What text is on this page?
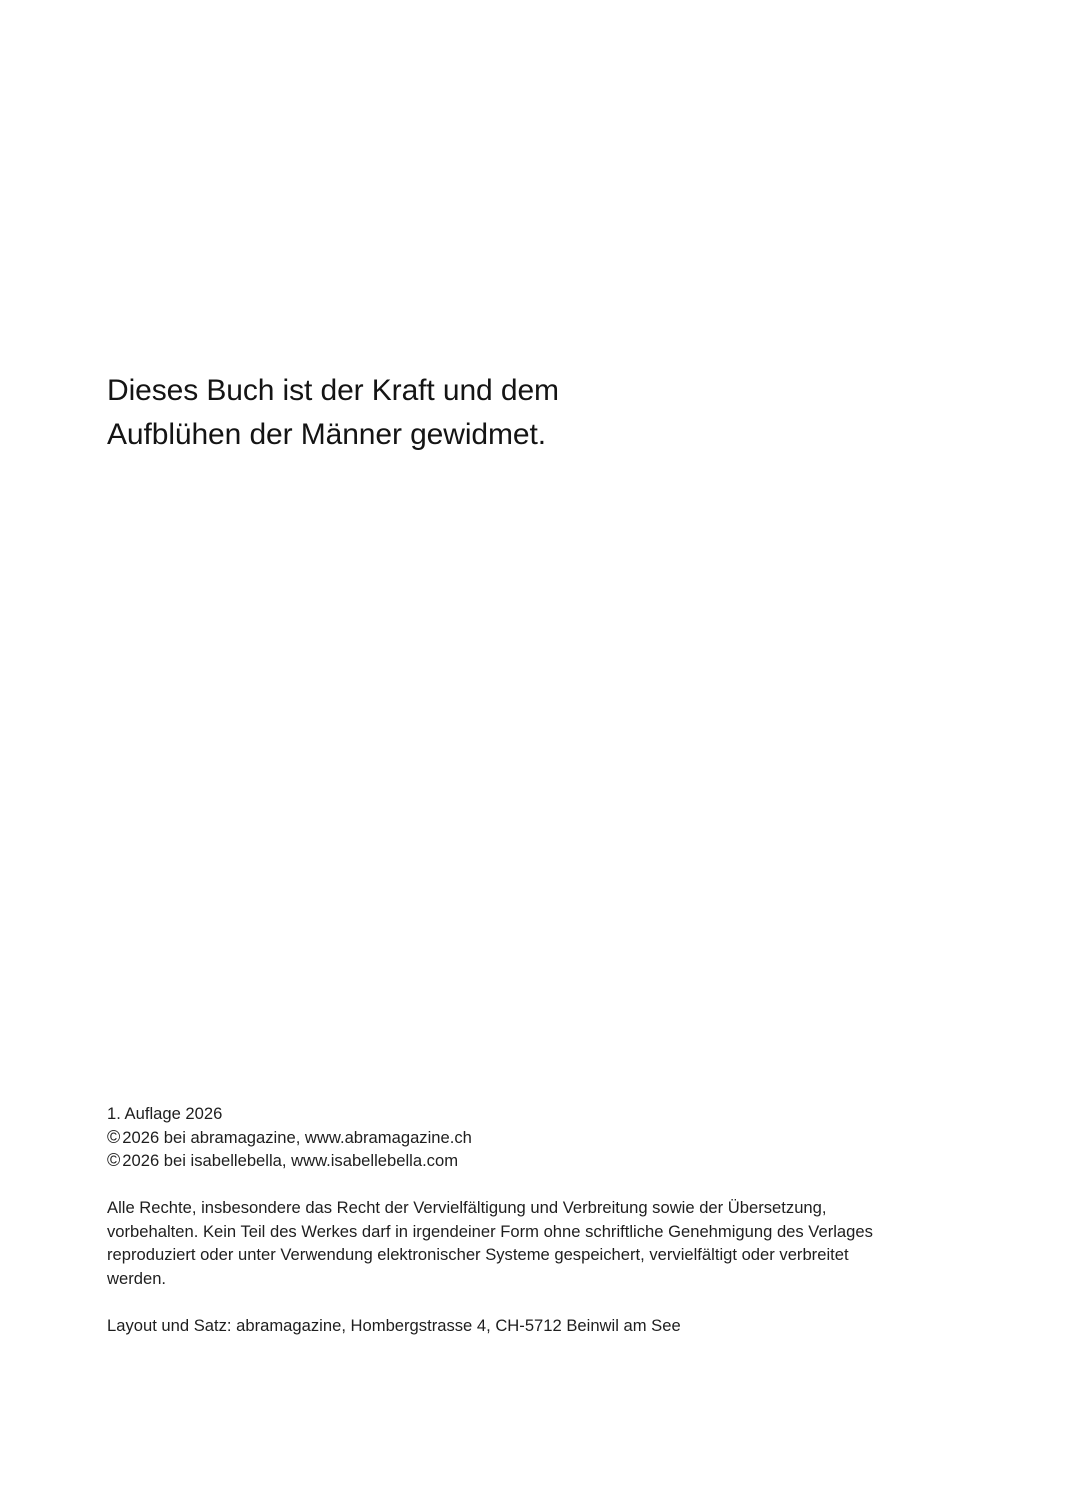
Dieses Buch ist der Kraft und dem
Aufblühen der Männer gewidmet.
1. Auflage 2026
© 2026 bei abramagazine, www.abramagazine.ch
© 2026 bei isabellebella, www.isabellebella.com
Alle Rechte, insbesondere das Recht der Vervielfältigung und Verbreitung sowie der Übersetzung,
vorbehalten. Kein Teil des Werkes darf in irgendeiner Form ohne schriftliche Genehmigung des Verlages
reproduziert oder unter Verwendung elektronischer Systeme gespeichert, vervielfältigt oder verbreitet
werden.
Layout und Satz: abramagazine, Hombergstrasse 4, CH-5712 Beinwil am See
